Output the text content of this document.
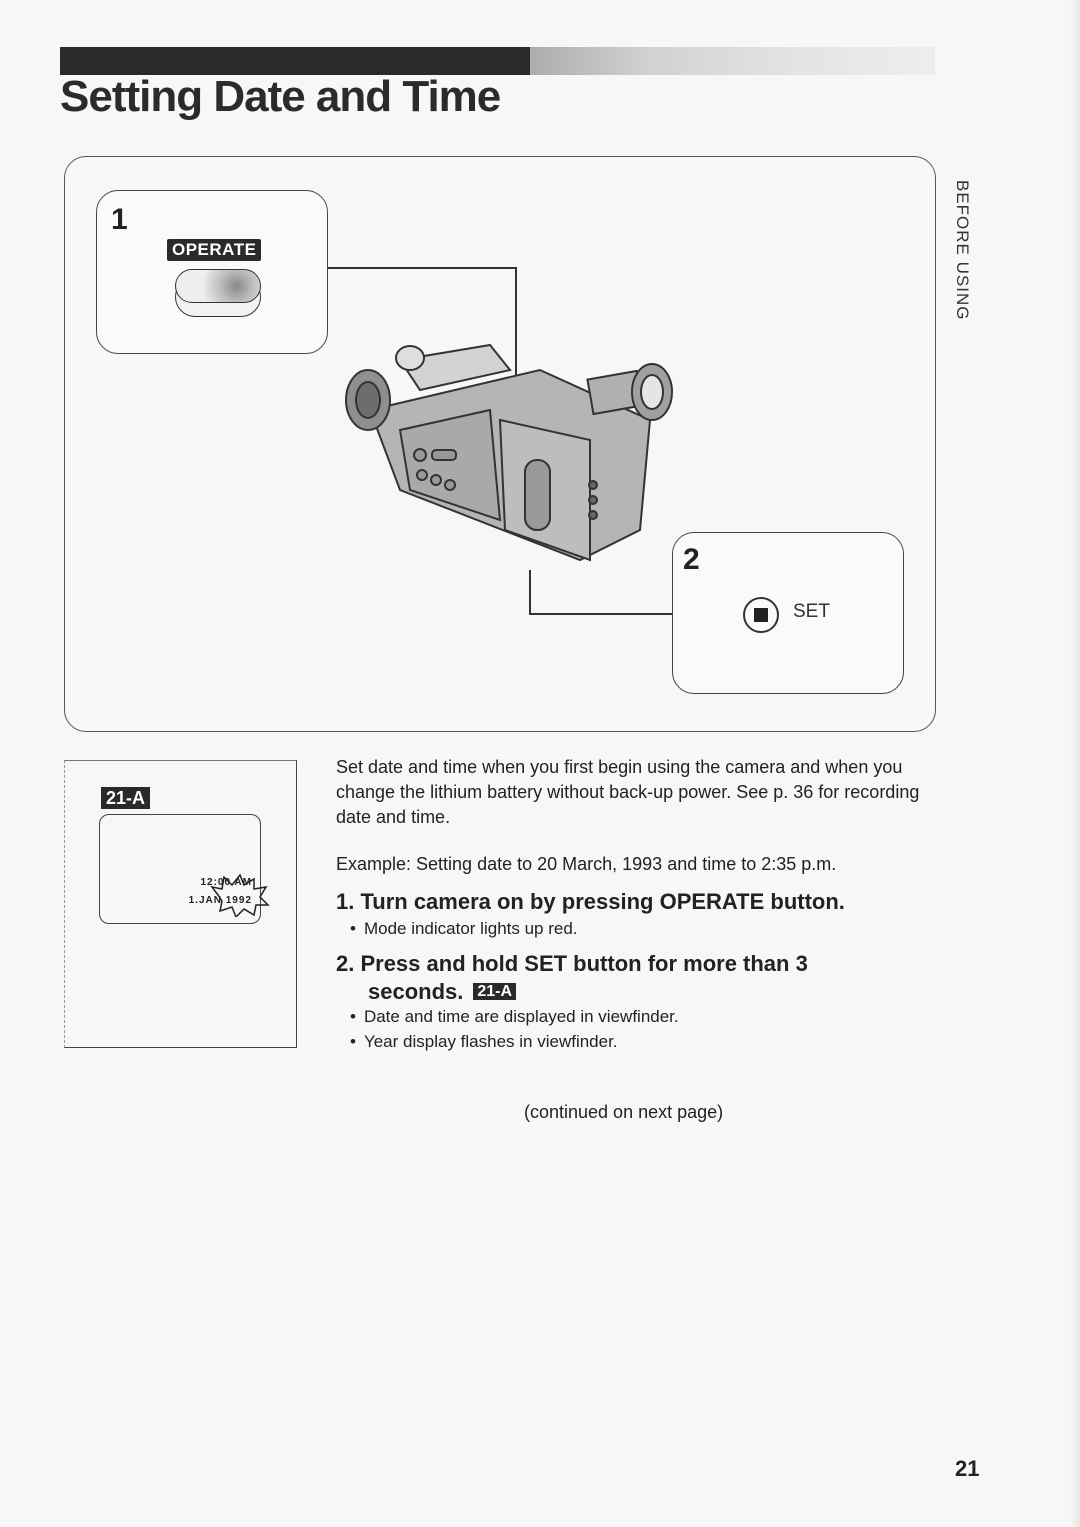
Setting Date and Time
BEFORE USING
1
OPERATE
2
SET
21-A
12:00 AM
1.JAN 1992
Set date and time when you first begin using the camera and when you change the lithium battery without back-up power. See p. 36 for recording date and time.
Example: Setting date to 20 March, 1993 and time to 2:35 p.m.
1. Turn camera on by pressing OPERATE button.
• Mode indicator lights up red.
2. Press and hold SET button for more than 3
seconds. 21-A
• Date and time are displayed in viewfinder.
• Year display flashes in viewfinder.
(continued on next page)
21
